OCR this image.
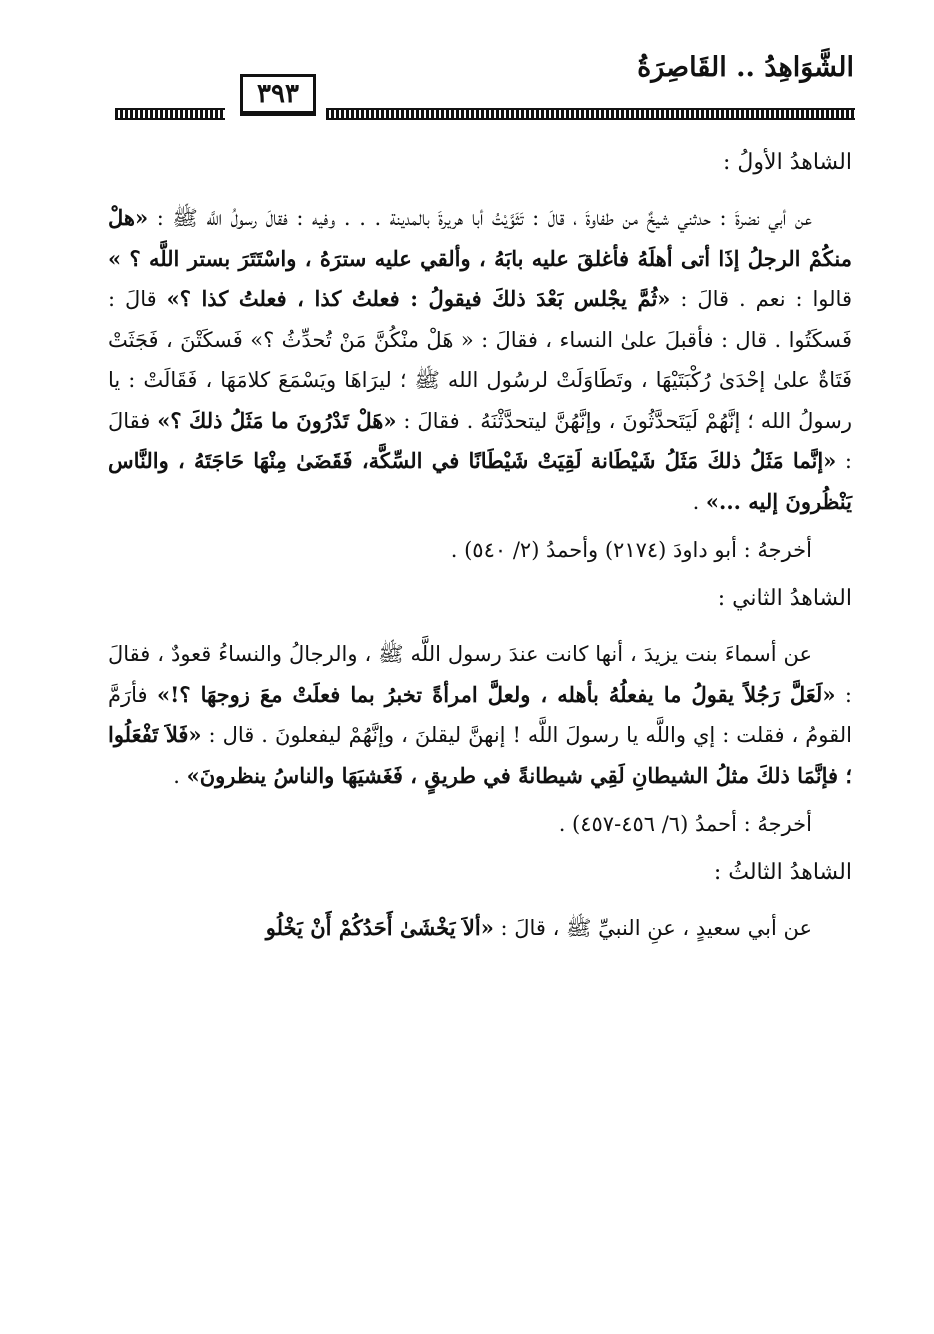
الشَّوَاهِدُ .. القَاصِرَةُ
٣٩٣
الشاهدُ الأولُ :

عن أبي نضرةَ : حدثني شيخٌ من طفاوةَ ، قالَ : تَثَوَّيْتُ أبا هريرةَ بالمدينة . . . وفيه : فقالَ رسولُ اللَّه ﷺ : «هلْ منكُمْ الرجلُ إذَا أتى أهلَهُ فأغلقَ عليه بابَهُ ، وألقي عليه سترَهُ ، واسْتَتَرَ بستر اللَّه ؟ » قالوا : نعم . قالَ : «ثُمَّ يجْلس بَعْدَ ذلكَ فيقولُ : فعلتُ كذا ، فعلتُ كذا ؟» قالَ : فَسكَتُوا . قال : فأقبلَ علىٰ النساء ، فقالَ : « هَلْ منْكُنَّ مَنْ تُحدِّثُ ؟» فَسكَتْنَ ، فَجَثَتْ فَتَاةٌ علىٰ إحْدَىٰ رُكْبَتَيْهَا ، وتَطَاوَلَتْ لرسُول الله ﷺ ؛ ليرَاهَا ويَسْمَعَ كلامَهَا ، فَقَالَتْ : يا رسولُ الله ؛ إنَّهُمْ لَيَتَحدَّثُونَ ، وإنَّهُنَّ ليتحدَّثْنَهُ . فقالَ : «هَلْ تَدْرُونَ ما مَثَلُ ذلكَ ؟» فقالَ : «إنَّما مَثَلُ ذلكَ مَثَلُ شَيْطَانة لَقِيَتْ شَيْطَانًا في السِّكَّة، فَقَضَىٰ مِنْهَا حَاجَتَهُ ، والنَّاس يَنْظُرونَ إليه ...» .

أخرجهُ : أبو داودَ (٢١٧٤) وأحمدُ (٢/ ٥٤٠) .

الشاهدُ الثاني :

عن أسماءَ بنت يزيدَ ، أنها كانت عندَ رسول اللَّه ﷺ ، والرجالُ والنساءُ قعودٌ ، فقالَ : «لَعَلَّ رَجُلاً يقولُ ما يفعلُهُ بأهله ، ولعلَّ امرأةً تخبرُ بما فعلَتْ معَ زوجهَا ؟!» فأرَمَّ القومُ ، فقلت : إي واللَّه يا رسولَ اللَّه ! إنهنَّ ليقلنَ ، وإنَّهُمْ ليفعلونَ . قال : «فَلاَ تَفْعَلُوا ؛ فإنَّمَا ذلكَ مثلُ الشيطانِ لَقِي شيطانةً في طريقٍ ، فَغَشيَهَا والناسُ ينظرونَ» .

أخرجهُ : أحمدُ (٦/ ٤٥٦-٤٥٧) .

الشاهدُ الثالثُ :

عن أبي سعيدٍ ، عنِ النبيِّ ﷺ ، قالَ : «ألاَ يَخْشَىٰ أَحَدُكُمْ أَنْ يَخْلُو
